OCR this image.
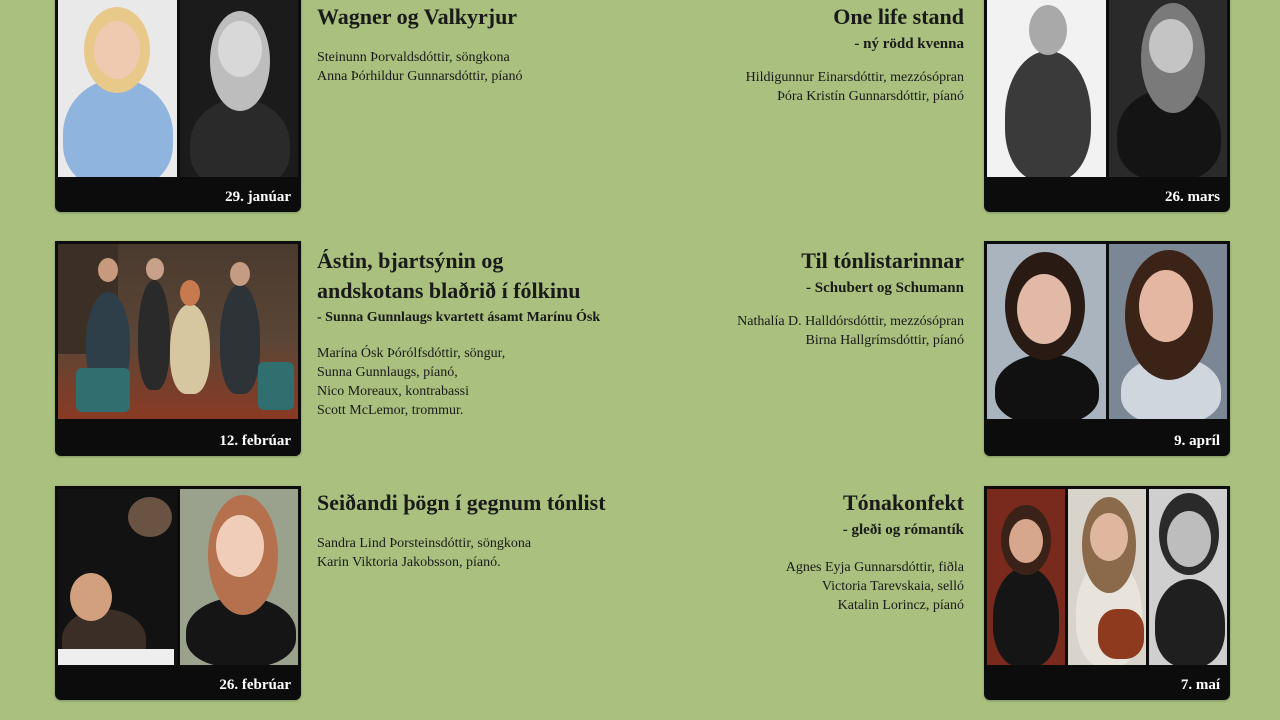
29. janúar

Wagner og Valkyrjur

Steinunn Þorvaldsdóttir, söngkona

Anna Þórhildur Gunnarsdóttir, píanó

One life stand

- ný rödd kvenna

Hildigunnur Einarsdóttir, mezzósópran

Þóra Kristín Gunnarsdóttir, píanó

26. mars
12. febrúar

Ástin, bjartsýnin og

andskotans blaðrið í fólkinu

- Sunna Gunnlaugs kvartett ásamt Marínu Ósk

Marína Ósk Þórólfsdóttir, söngur,

Sunna Gunnlaugs, píanó,

Nico Moreaux, kontrabassi

Scott McLemor, trommur.

Til tónlistarinnar

- Schubert og Schumann

Nathalía D. Halldórsdóttir, mezzósópran

Birna Hallgrímsdóttir, píanó

9. apríl
26. febrúar

Seiðandi þögn í gegnum tónlist

Sandra Lind Þorsteinsdóttir, söngkona

Karin Viktoria Jakobsson, píanó.

Tónakonfekt

- gleði og rómantík

Agnes Eyja Gunnarsdóttir, fiðla

Victoria Tarevskaia, selló

Katalin Lorincz, píanó

7. maí
